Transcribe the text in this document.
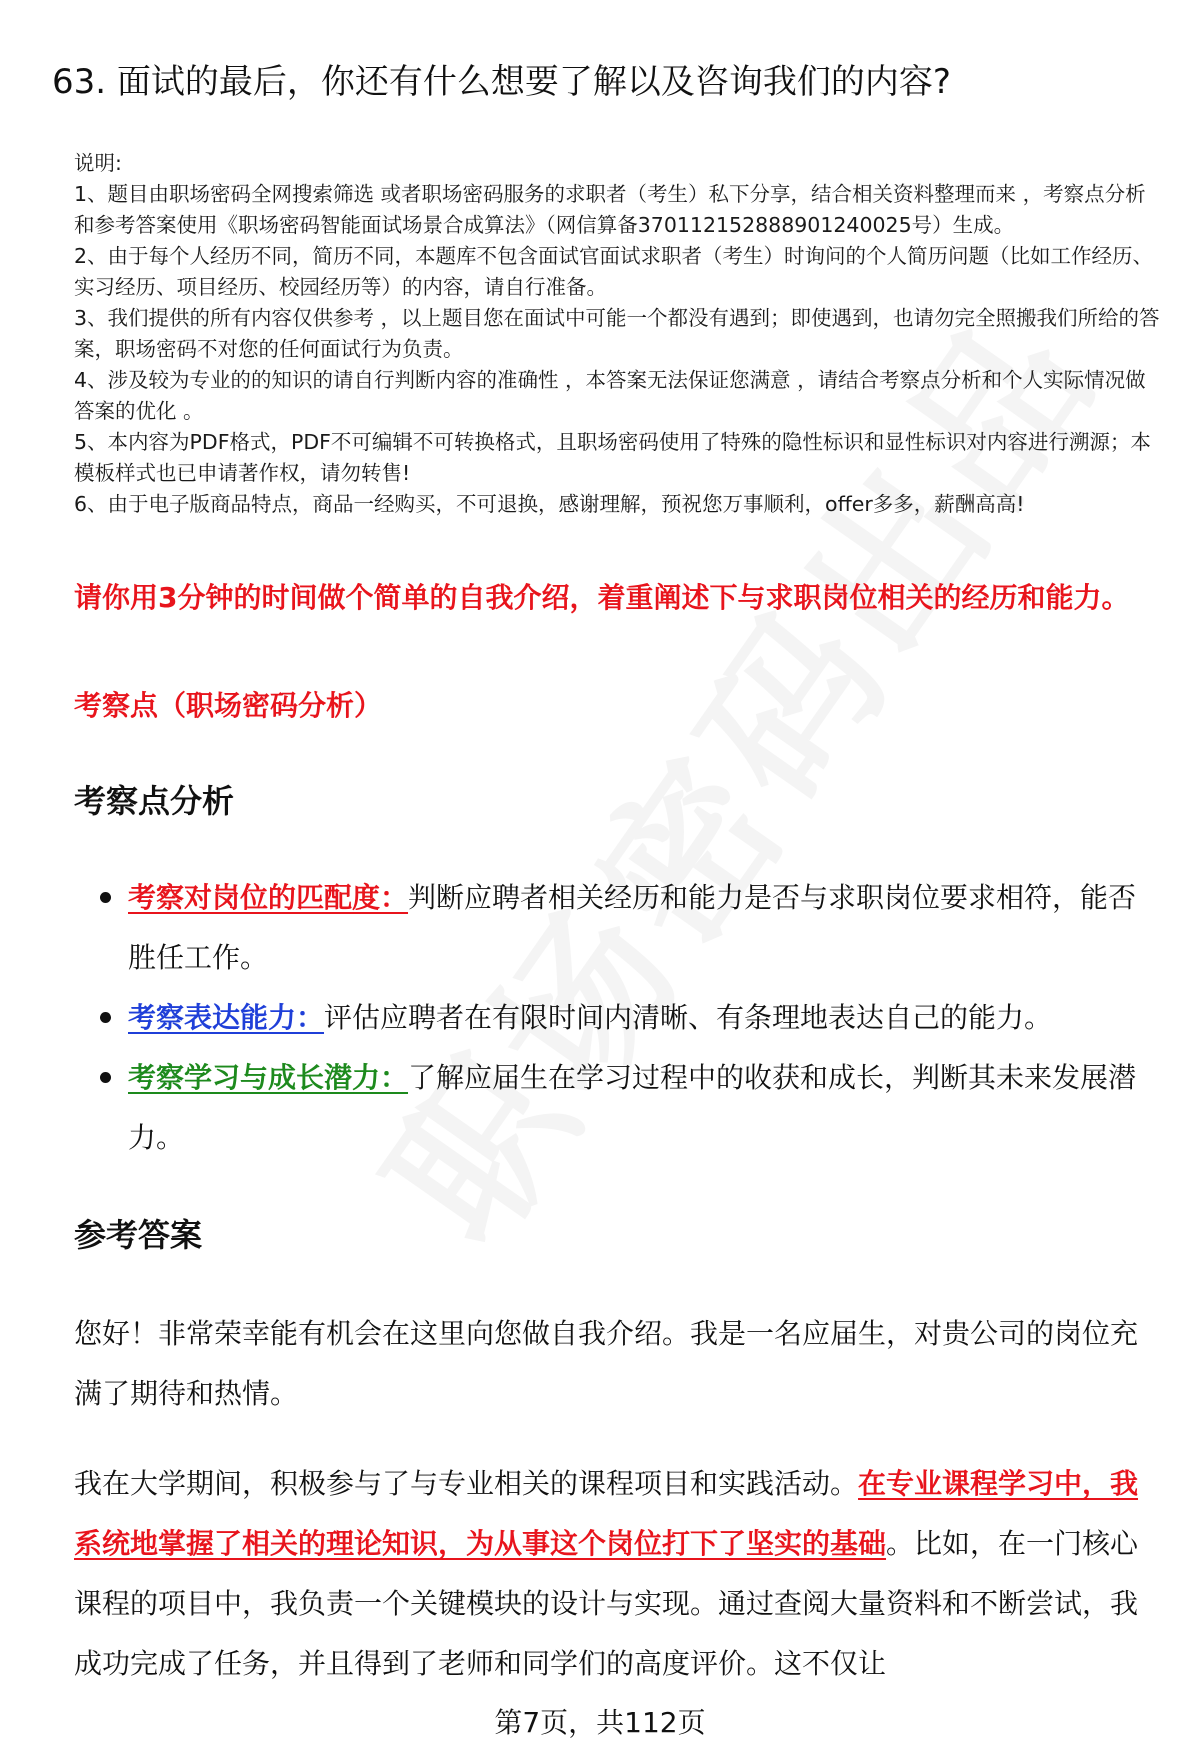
63. 面试的最后，你还有什么想要了解以及咨询我们的内容?
说明:
1、题目由职场密码全网搜索筛选 或者职场密码服务的求职者（考生）私下分享，结合相关资料整理而来 ，考察点分析和参考答案使用《职场密码智能面试场景合成算法》（网信算备370112152888901240025号）生成。
2、由于每个人经历不同，简历不同，本题库不包含面试官面试求职者（考生）时询问的个人简历问题（比如工作经历、实习经历、项目经历、校园经历等）的内容，请自行准备。
3、我们提供的所有内容仅供参考 ，以上题目您在面试中可能一个都没有遇到；即使遇到，也请勿完全照搬我们所给的答案，职场密码不对您的任何面试行为负责。
4、涉及较为专业的的知识的请自行判断内容的准确性 ，本答案无法保证您满意 ，请结合考察点分析和个人实际情况做答案的优化 。
5、本内容为PDF格式，PDF不可编辑不可转换格式，且职场密码使用了特殊的隐性标识和显性标识对内容进行溯源；本模板样式也已申请著作权，请勿转售!
6、由于电子版商品特点，商品一经购买，不可退换，感谢理解，预祝您万事顺利，offer多多，薪酬高高!
请你用3分钟的时间做个简单的自我介绍，着重阐述下与求职岗位相关的经历和能力。
考察点（职场密码分析）
考察点分析
考察对岗位的匹配度：判断应聘者相关经历和能力是否与求职岗位要求相符，能否胜任工作。
考察表达能力：评估应聘者在有限时间内清晰、有条理地表达自己的能力。
考察学习与成长潜力：了解应届生在学习过程中的收获和成长，判断其未来发展潜力。
参考答案
您好！非常荣幸能有机会在这里向您做自我介绍。我是一名应届生，对贵公司的岗位充满了期待和热情。
我在大学期间，积极参与了与专业相关的课程项目和实践活动。在专业课程学习中，我系统地掌握了相关的理论知识，为从事这个岗位打下了坚实的基础。比如，在一门核心课程的项目中，我负责一个关键模块的设计与实现。通过查阅大量资料和不断尝试，我成功完成了任务，并且得到了老师和同学们的高度评价。这不仅让
第7页，共112页
